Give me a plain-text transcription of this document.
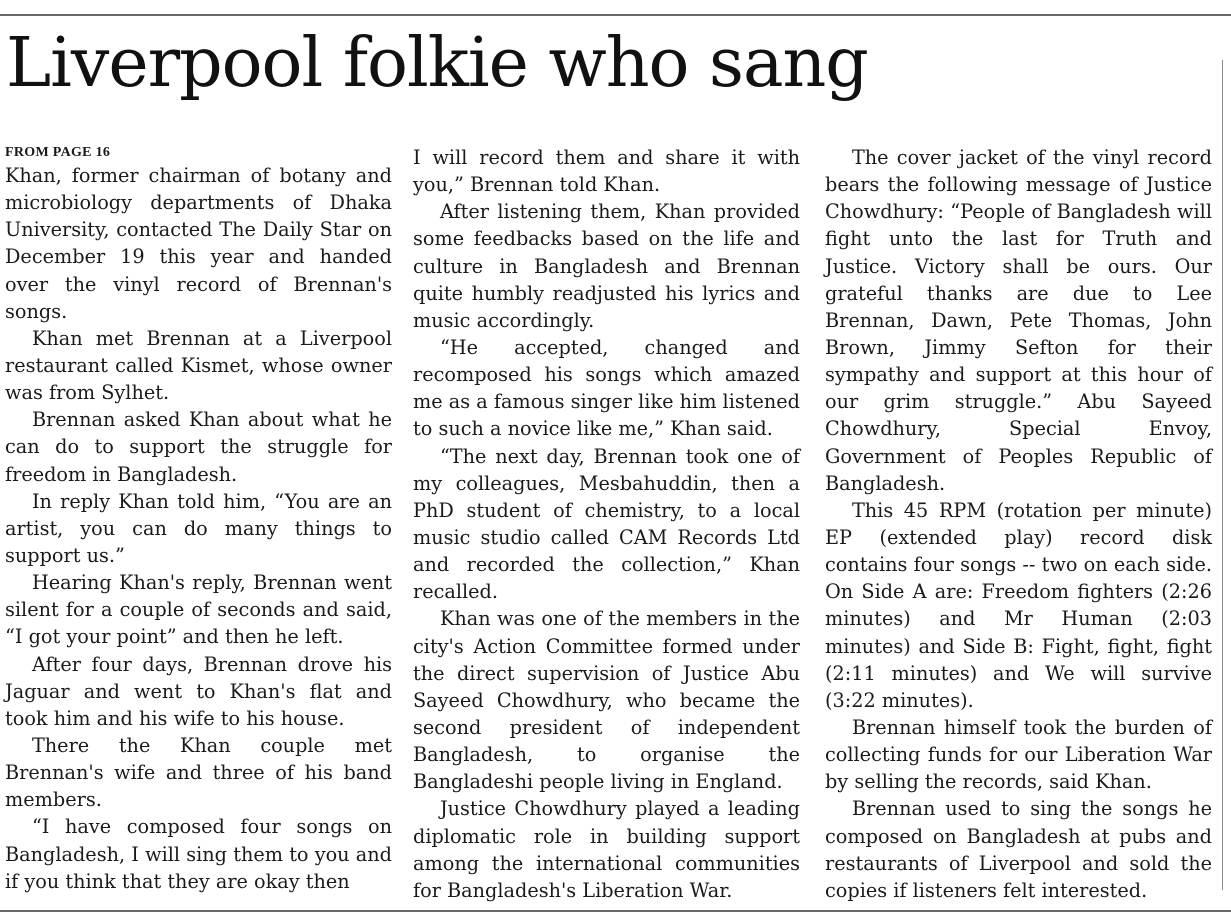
Liverpool folkie who sang
FROM PAGE 16

Khan, former chairman of botany and microbiology departments of Dhaka University, contacted The Daily Star on December 19 this year and handed over the vinyl record of Brennan's songs.

Khan met Brennan at a Liverpool restaurant called Kismet, whose owner was from Sylhet.

Brennan asked Khan about what he can do to support the struggle for freedom in Bangladesh.

In reply Khan told him, “You are an artist, you can do many things to support us.”

Hearing Khan's reply, Brennan went silent for a couple of seconds and said, “I got your point” and then he left.

After four days, Brennan drove his Jaguar and went to Khan's flat and took him and his wife to his house.

There the Khan couple met Brennan's wife and three of his band members.

“I have composed four songs on Bangladesh, I will sing them to you and if you think that they are okay then

I will record them and share it with you,” Brennan told Khan.

After listening them, Khan provided some feedbacks based on the life and culture in Bangladesh and Brennan quite humbly readjusted his lyrics and music accordingly.

“He accepted, changed and recomposed his songs which amazed me as a famous singer like him listened to such a novice like me,” Khan said.

“The next day, Brennan took one of my colleagues, Mesbahuddin, then a PhD student of chemistry, to a local music studio called CAM Records Ltd and recorded the collection,” Khan recalled.

Khan was one of the members in the city's Action Committee formed under the direct supervision of Justice Abu Sayeed Chowdhury, who became the second president of independent Bangladesh, to organise the Bangladeshi people living in England.

Justice Chowdhury played a leading diplomatic role in building support among the international communities for Bangladesh's Liberation War.

The cover jacket of the vinyl record bears the following message of Justice Chowdhury: “People of Bangladesh will fight unto the last for Truth and Justice. Victory shall be ours. Our grateful thanks are due to Lee Brennan, Dawn, Pete Thomas, John Brown, Jimmy Sefton for their sympathy and support at this hour of our grim struggle.” Abu Sayeed Chowdhury, Special Envoy, Government of Peoples Republic of Bangladesh.

This 45 RPM (rotation per minute) EP (extended play) record disk contains four songs -- two on each side. On Side A are: Freedom fighters (2:26 minutes) and Mr Human (2:03 minutes) and Side B: Fight, fight, fight (2:11 minutes) and We will survive (3:22 minutes).

Brennan himself took the burden of collecting funds for our Liberation War by selling the records, said Khan.

Brennan used to sing the songs he composed on Bangladesh at pubs and restaurants of Liverpool and sold the copies if listeners felt interested.
